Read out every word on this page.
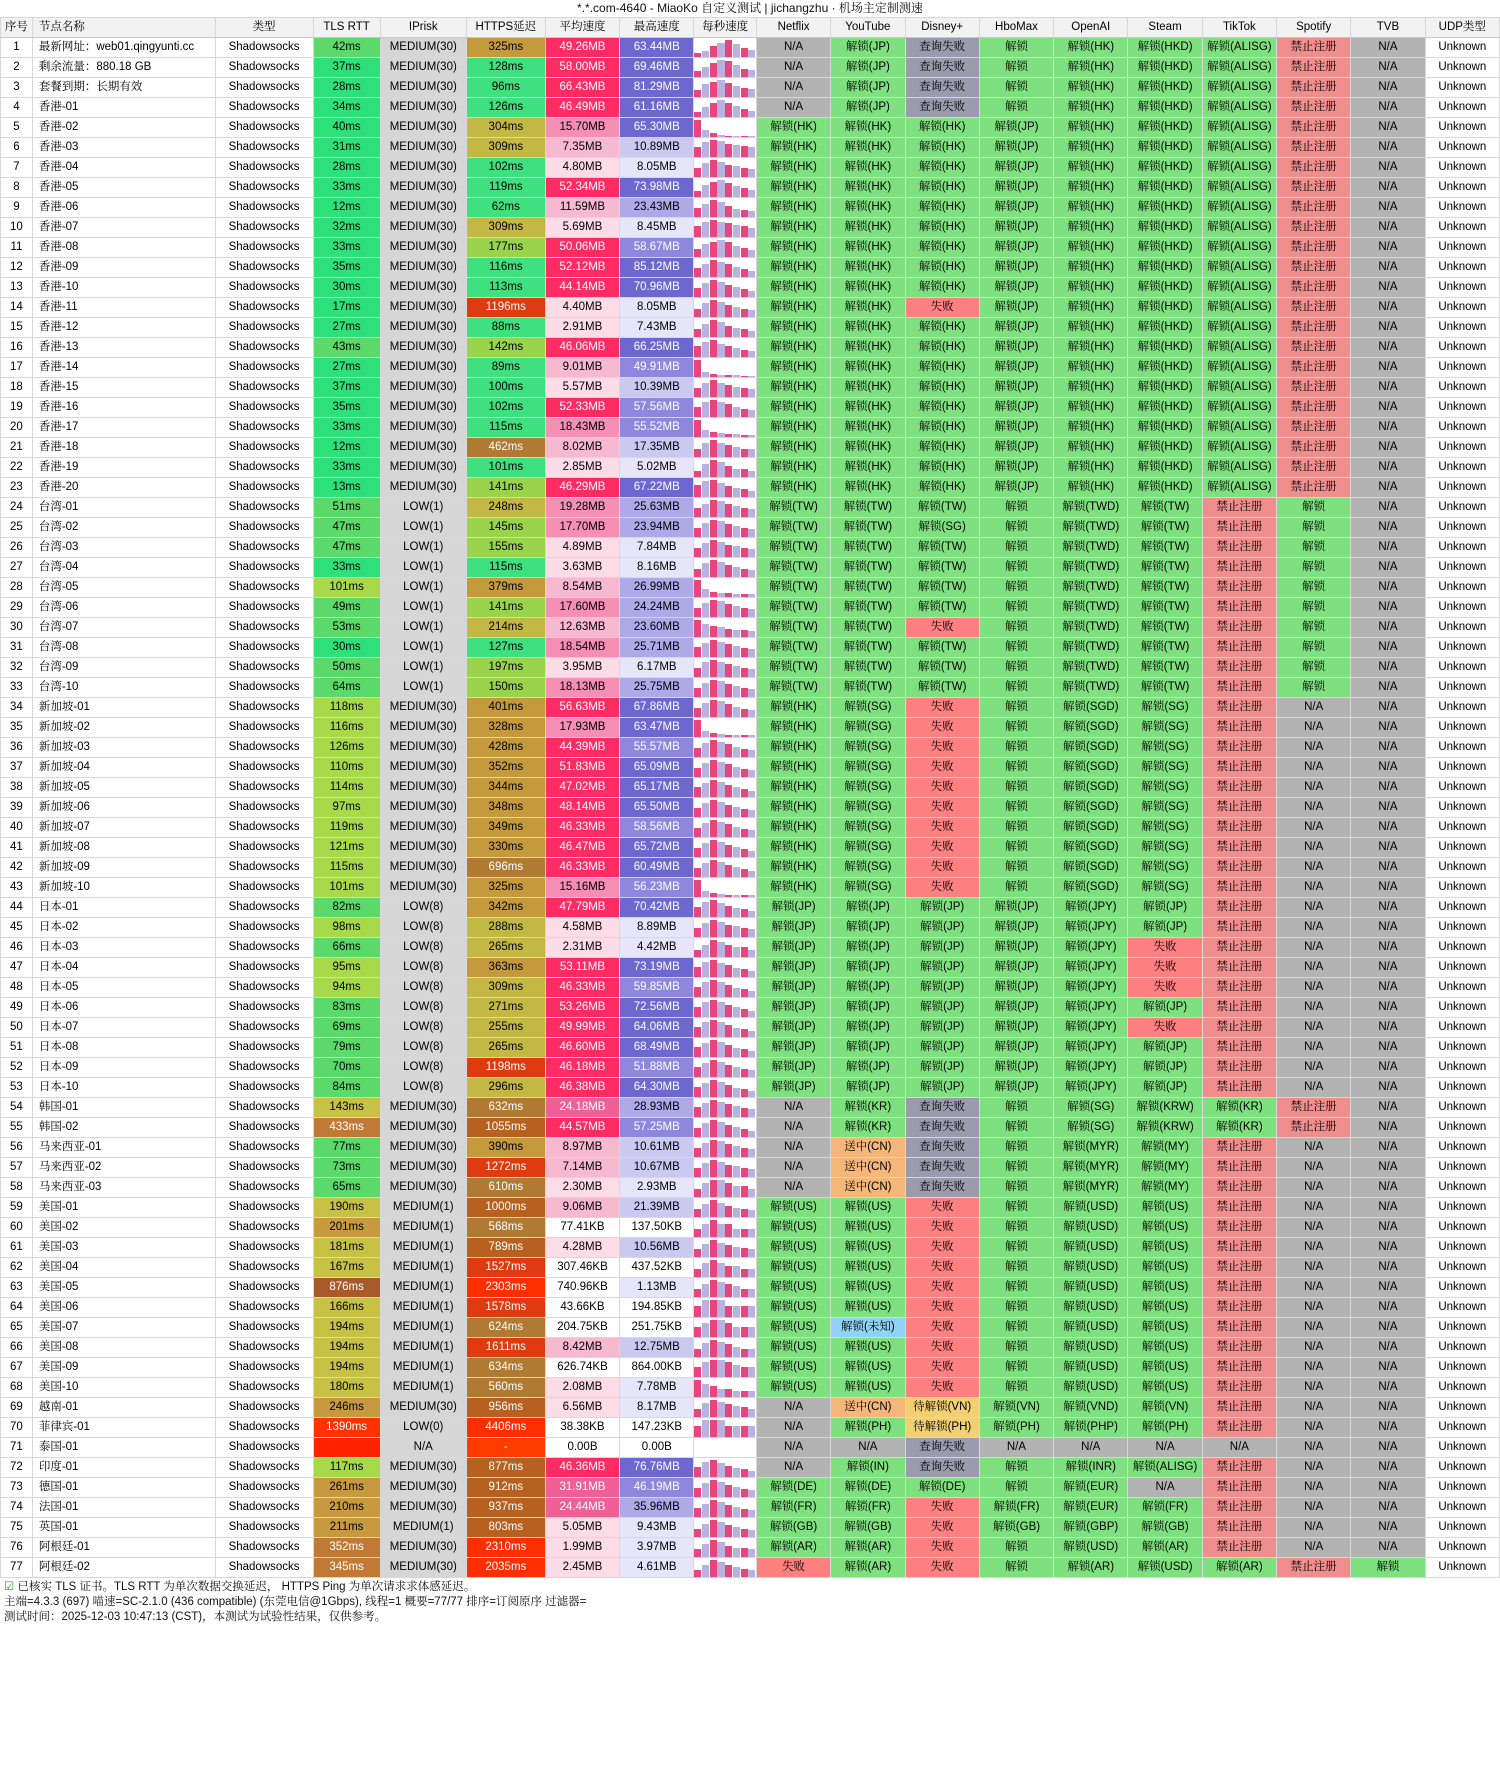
*.*.com-4640 - MiaoKo 自定义测试 | jichangzhu · 机场主定制测速
序号	节点名称	类型	TLS RTT	IPrisk	HTTPS延迟	平均速度	最高速度	每秒速度	Netflix	YouTube	Disney+	HboMax	OpenAI	Steam	TikTok	Spotify	TVB	UDP类型
1	最新网址：web01.qingyunti.cc	Shadowsocks	42ms	MEDIUM(30)	325ms	49.26MB	63.44MB		N/A	解锁(JP)	查询失败	解锁	解锁(HK)	解锁(HKD)	解锁(ALISG)	禁止注册	N/A	Unknown
2	剩余流量：880.18 GB	Shadowsocks	37ms	MEDIUM(30)	128ms	58.00MB	69.46MB		N/A	解锁(JP)	查询失败	解锁	解锁(HK)	解锁(HKD)	解锁(ALISG)	禁止注册	N/A	Unknown
3	套餐到期：长期有效	Shadowsocks	28ms	MEDIUM(30)	96ms	66.43MB	81.29MB		N/A	解锁(JP)	查询失败	解锁	解锁(HK)	解锁(HKD)	解锁(ALISG)	禁止注册	N/A	Unknown
4	香港-01	Shadowsocks	34ms	MEDIUM(30)	126ms	46.49MB	61.16MB		N/A	解锁(JP)	查询失败	解锁	解锁(HK)	解锁(HKD)	解锁(ALISG)	禁止注册	N/A	Unknown
5	香港-02	Shadowsocks	40ms	MEDIUM(30)	304ms	15.70MB	65.30MB		解锁(HK)	解锁(HK)	解锁(HK)	解锁(JP)	解锁(HK)	解锁(HKD)	解锁(ALISG)	禁止注册	N/A	Unknown
6	香港-03	Shadowsocks	31ms	MEDIUM(30)	309ms	7.35MB	10.89MB		解锁(HK)	解锁(HK)	解锁(HK)	解锁(JP)	解锁(HK)	解锁(HKD)	解锁(ALISG)	禁止注册	N/A	Unknown
7	香港-04	Shadowsocks	28ms	MEDIUM(30)	102ms	4.80MB	8.05MB		解锁(HK)	解锁(HK)	解锁(HK)	解锁(JP)	解锁(HK)	解锁(HKD)	解锁(ALISG)	禁止注册	N/A	Unknown
8	香港-05	Shadowsocks	33ms	MEDIUM(30)	119ms	52.34MB	73.98MB		解锁(HK)	解锁(HK)	解锁(HK)	解锁(JP)	解锁(HK)	解锁(HKD)	解锁(ALISG)	禁止注册	N/A	Unknown
9	香港-06	Shadowsocks	12ms	MEDIUM(30)	62ms	11.59MB	23.43MB		解锁(HK)	解锁(HK)	解锁(HK)	解锁(JP)	解锁(HK)	解锁(HKD)	解锁(ALISG)	禁止注册	N/A	Unknown
10	香港-07	Shadowsocks	32ms	MEDIUM(30)	309ms	5.69MB	8.45MB		解锁(HK)	解锁(HK)	解锁(HK)	解锁(JP)	解锁(HK)	解锁(HKD)	解锁(ALISG)	禁止注册	N/A	Unknown
11	香港-08	Shadowsocks	33ms	MEDIUM(30)	177ms	50.06MB	58.67MB		解锁(HK)	解锁(HK)	解锁(HK)	解锁(JP)	解锁(HK)	解锁(HKD)	解锁(ALISG)	禁止注册	N/A	Unknown
12	香港-09	Shadowsocks	35ms	MEDIUM(30)	116ms	52.12MB	85.12MB		解锁(HK)	解锁(HK)	解锁(HK)	解锁(JP)	解锁(HK)	解锁(HKD)	解锁(ALISG)	禁止注册	N/A	Unknown
13	香港-10	Shadowsocks	30ms	MEDIUM(30)	113ms	44.14MB	70.96MB		解锁(HK)	解锁(HK)	解锁(HK)	解锁(JP)	解锁(HK)	解锁(HKD)	解锁(ALISG)	禁止注册	N/A	Unknown
14	香港-11	Shadowsocks	17ms	MEDIUM(30)	1196ms	4.40MB	8.05MB		解锁(HK)	解锁(HK)	失败	解锁(JP)	解锁(HK)	解锁(HKD)	解锁(ALISG)	禁止注册	N/A	Unknown
15	香港-12	Shadowsocks	27ms	MEDIUM(30)	88ms	2.91MB	7.43MB		解锁(HK)	解锁(HK)	解锁(HK)	解锁(JP)	解锁(HK)	解锁(HKD)	解锁(ALISG)	禁止注册	N/A	Unknown
16	香港-13	Shadowsocks	43ms	MEDIUM(30)	142ms	46.06MB	66.25MB		解锁(HK)	解锁(HK)	解锁(HK)	解锁(JP)	解锁(HK)	解锁(HKD)	解锁(ALISG)	禁止注册	N/A	Unknown
17	香港-14	Shadowsocks	27ms	MEDIUM(30)	89ms	9.01MB	49.91MB		解锁(HK)	解锁(HK)	解锁(HK)	解锁(JP)	解锁(HK)	解锁(HKD)	解锁(ALISG)	禁止注册	N/A	Unknown
18	香港-15	Shadowsocks	37ms	MEDIUM(30)	100ms	5.57MB	10.39MB		解锁(HK)	解锁(HK)	解锁(HK)	解锁(JP)	解锁(HK)	解锁(HKD)	解锁(ALISG)	禁止注册	N/A	Unknown
19	香港-16	Shadowsocks	35ms	MEDIUM(30)	102ms	52.33MB	57.56MB		解锁(HK)	解锁(HK)	解锁(HK)	解锁(JP)	解锁(HK)	解锁(HKD)	解锁(ALISG)	禁止注册	N/A	Unknown
20	香港-17	Shadowsocks	33ms	MEDIUM(30)	115ms	18.43MB	55.52MB		解锁(HK)	解锁(HK)	解锁(HK)	解锁(JP)	解锁(HK)	解锁(HKD)	解锁(ALISG)	禁止注册	N/A	Unknown
21	香港-18	Shadowsocks	12ms	MEDIUM(30)	462ms	8.02MB	17.35MB		解锁(HK)	解锁(HK)	解锁(HK)	解锁(JP)	解锁(HK)	解锁(HKD)	解锁(ALISG)	禁止注册	N/A	Unknown
22	香港-19	Shadowsocks	33ms	MEDIUM(30)	101ms	2.85MB	5.02MB		解锁(HK)	解锁(HK)	解锁(HK)	解锁(JP)	解锁(HK)	解锁(HKD)	解锁(ALISG)	禁止注册	N/A	Unknown
23	香港-20	Shadowsocks	13ms	MEDIUM(30)	141ms	46.29MB	67.22MB		解锁(HK)	解锁(HK)	解锁(HK)	解锁(JP)	解锁(HK)	解锁(HKD)	解锁(ALISG)	禁止注册	N/A	Unknown
24	台湾-01	Shadowsocks	51ms	LOW(1)	248ms	19.28MB	25.63MB		解锁(TW)	解锁(TW)	解锁(TW)	解锁	解锁(TWD)	解锁(TW)	禁止注册	解锁	N/A	Unknown
25	台湾-02	Shadowsocks	47ms	LOW(1)	145ms	17.70MB	23.94MB		解锁(TW)	解锁(TW)	解锁(SG)	解锁	解锁(TWD)	解锁(TW)	禁止注册	解锁	N/A	Unknown
26	台湾-03	Shadowsocks	47ms	LOW(1)	155ms	4.89MB	7.84MB		解锁(TW)	解锁(TW)	解锁(TW)	解锁	解锁(TWD)	解锁(TW)	禁止注册	解锁	N/A	Unknown
27	台湾-04	Shadowsocks	33ms	LOW(1)	115ms	3.63MB	8.16MB		解锁(TW)	解锁(TW)	解锁(TW)	解锁	解锁(TWD)	解锁(TW)	禁止注册	解锁	N/A	Unknown
28	台湾-05	Shadowsocks	101ms	LOW(1)	379ms	8.54MB	26.99MB		解锁(TW)	解锁(TW)	解锁(TW)	解锁	解锁(TWD)	解锁(TW)	禁止注册	解锁	N/A	Unknown
29	台湾-06	Shadowsocks	49ms	LOW(1)	141ms	17.60MB	24.24MB		解锁(TW)	解锁(TW)	解锁(TW)	解锁	解锁(TWD)	解锁(TW)	禁止注册	解锁	N/A	Unknown
30	台湾-07	Shadowsocks	53ms	LOW(1)	214ms	12.63MB	23.60MB		解锁(TW)	解锁(TW)	失败	解锁	解锁(TWD)	解锁(TW)	禁止注册	解锁	N/A	Unknown
31	台湾-08	Shadowsocks	30ms	LOW(1)	127ms	18.54MB	25.71MB		解锁(TW)	解锁(TW)	解锁(TW)	解锁	解锁(TWD)	解锁(TW)	禁止注册	解锁	N/A	Unknown
32	台湾-09	Shadowsocks	50ms	LOW(1)	197ms	3.95MB	6.17MB		解锁(TW)	解锁(TW)	解锁(TW)	解锁	解锁(TWD)	解锁(TW)	禁止注册	解锁	N/A	Unknown
33	台湾-10	Shadowsocks	64ms	LOW(1)	150ms	18.13MB	25.75MB		解锁(TW)	解锁(TW)	解锁(TW)	解锁	解锁(TWD)	解锁(TW)	禁止注册	解锁	N/A	Unknown
34	新加坡-01	Shadowsocks	118ms	MEDIUM(30)	401ms	56.63MB	67.86MB		解锁(HK)	解锁(SG)	失败	解锁	解锁(SGD)	解锁(SG)	禁止注册	N/A	N/A	Unknown
35	新加坡-02	Shadowsocks	116ms	MEDIUM(30)	328ms	17.93MB	63.47MB		解锁(HK)	解锁(SG)	失败	解锁	解锁(SGD)	解锁(SG)	禁止注册	N/A	N/A	Unknown
36	新加坡-03	Shadowsocks	126ms	MEDIUM(30)	428ms	44.39MB	55.57MB		解锁(HK)	解锁(SG)	失败	解锁	解锁(SGD)	解锁(SG)	禁止注册	N/A	N/A	Unknown
37	新加坡-04	Shadowsocks	110ms	MEDIUM(30)	352ms	51.83MB	65.09MB		解锁(HK)	解锁(SG)	失败	解锁	解锁(SGD)	解锁(SG)	禁止注册	N/A	N/A	Unknown
38	新加坡-05	Shadowsocks	114ms	MEDIUM(30)	344ms	47.02MB	65.17MB		解锁(HK)	解锁(SG)	失败	解锁	解锁(SGD)	解锁(SG)	禁止注册	N/A	N/A	Unknown
39	新加坡-06	Shadowsocks	97ms	MEDIUM(30)	348ms	48.14MB	65.50MB		解锁(HK)	解锁(SG)	失败	解锁	解锁(SGD)	解锁(SG)	禁止注册	N/A	N/A	Unknown
40	新加坡-07	Shadowsocks	119ms	MEDIUM(30)	349ms	46.33MB	58.56MB		解锁(HK)	解锁(SG)	失败	解锁	解锁(SGD)	解锁(SG)	禁止注册	N/A	N/A	Unknown
41	新加坡-08	Shadowsocks	121ms	MEDIUM(30)	330ms	46.47MB	65.72MB		解锁(HK)	解锁(SG)	失败	解锁	解锁(SGD)	解锁(SG)	禁止注册	N/A	N/A	Unknown
42	新加坡-09	Shadowsocks	115ms	MEDIUM(30)	696ms	46.33MB	60.49MB		解锁(HK)	解锁(SG)	失败	解锁	解锁(SGD)	解锁(SG)	禁止注册	N/A	N/A	Unknown
43	新加坡-10	Shadowsocks	101ms	MEDIUM(30)	325ms	15.16MB	56.23MB		解锁(HK)	解锁(SG)	失败	解锁	解锁(SGD)	解锁(SG)	禁止注册	N/A	N/A	Unknown
44	日本-01	Shadowsocks	82ms	LOW(8)	342ms	47.79MB	70.42MB		解锁(JP)	解锁(JP)	解锁(JP)	解锁(JP)	解锁(JPY)	解锁(JP)	禁止注册	N/A	N/A	Unknown
45	日本-02	Shadowsocks	98ms	LOW(8)	288ms	4.58MB	8.89MB		解锁(JP)	解锁(JP)	解锁(JP)	解锁(JP)	解锁(JPY)	解锁(JP)	禁止注册	N/A	N/A	Unknown
46	日本-03	Shadowsocks	66ms	LOW(8)	265ms	2.31MB	4.42MB		解锁(JP)	解锁(JP)	解锁(JP)	解锁(JP)	解锁(JPY)	失败	禁止注册	N/A	N/A	Unknown
47	日本-04	Shadowsocks	95ms	LOW(8)	363ms	53.11MB	73.19MB		解锁(JP)	解锁(JP)	解锁(JP)	解锁(JP)	解锁(JPY)	失败	禁止注册	N/A	N/A	Unknown
48	日本-05	Shadowsocks	94ms	LOW(8)	309ms	46.33MB	59.85MB		解锁(JP)	解锁(JP)	解锁(JP)	解锁(JP)	解锁(JPY)	失败	禁止注册	N/A	N/A	Unknown
49	日本-06	Shadowsocks	83ms	LOW(8)	271ms	53.26MB	72.56MB		解锁(JP)	解锁(JP)	解锁(JP)	解锁(JP)	解锁(JPY)	解锁(JP)	禁止注册	N/A	N/A	Unknown
50	日本-07	Shadowsocks	69ms	LOW(8)	255ms	49.99MB	64.06MB		解锁(JP)	解锁(JP)	解锁(JP)	解锁(JP)	解锁(JPY)	失败	禁止注册	N/A	N/A	Unknown
51	日本-08	Shadowsocks	79ms	LOW(8)	265ms	46.60MB	68.49MB		解锁(JP)	解锁(JP)	解锁(JP)	解锁(JP)	解锁(JPY)	解锁(JP)	禁止注册	N/A	N/A	Unknown
52	日本-09	Shadowsocks	70ms	LOW(8)	1198ms	46.18MB	51.88MB		解锁(JP)	解锁(JP)	解锁(JP)	解锁(JP)	解锁(JPY)	解锁(JP)	禁止注册	N/A	N/A	Unknown
53	日本-10	Shadowsocks	84ms	LOW(8)	296ms	46.38MB	64.30MB		解锁(JP)	解锁(JP)	解锁(JP)	解锁(JP)	解锁(JPY)	解锁(JP)	禁止注册	N/A	N/A	Unknown
54	韩国-01	Shadowsocks	143ms	MEDIUM(30)	632ms	24.18MB	28.93MB		N/A	解锁(KR)	查询失败	解锁	解锁(SG)	解锁(KRW)	解锁(KR)	禁止注册	N/A	Unknown
55	韩国-02	Shadowsocks	433ms	MEDIUM(30)	1055ms	44.57MB	57.25MB		N/A	解锁(KR)	查询失败	解锁	解锁(SG)	解锁(KRW)	解锁(KR)	禁止注册	N/A	Unknown
56	马来西亚-01	Shadowsocks	77ms	MEDIUM(30)	390ms	8.97MB	10.61MB		N/A	送中(CN)	查询失败	解锁	解锁(MYR)	解锁(MY)	禁止注册	N/A	N/A	Unknown
57	马来西亚-02	Shadowsocks	73ms	MEDIUM(30)	1272ms	7.14MB	10.67MB		N/A	送中(CN)	查询失败	解锁	解锁(MYR)	解锁(MY)	禁止注册	N/A	N/A	Unknown
58	马来西亚-03	Shadowsocks	65ms	MEDIUM(30)	610ms	2.30MB	2.93MB		N/A	送中(CN)	查询失败	解锁	解锁(MYR)	解锁(MY)	禁止注册	N/A	N/A	Unknown
59	美国-01	Shadowsocks	190ms	MEDIUM(1)	1000ms	9.06MB	21.39MB		解锁(US)	解锁(US)	失败	解锁	解锁(USD)	解锁(US)	禁止注册	N/A	N/A	Unknown
60	美国-02	Shadowsocks	201ms	MEDIUM(1)	568ms	77.41KB	137.50KB		解锁(US)	解锁(US)	失败	解锁	解锁(USD)	解锁(US)	禁止注册	N/A	N/A	Unknown
61	美国-03	Shadowsocks	181ms	MEDIUM(1)	789ms	4.28MB	10.56MB		解锁(US)	解锁(US)	失败	解锁	解锁(USD)	解锁(US)	禁止注册	N/A	N/A	Unknown
62	美国-04	Shadowsocks	167ms	MEDIUM(1)	1527ms	307.46KB	437.52KB		解锁(US)	解锁(US)	失败	解锁	解锁(USD)	解锁(US)	禁止注册	N/A	N/A	Unknown
63	美国-05	Shadowsocks	876ms	MEDIUM(1)	2303ms	740.96KB	1.13MB		解锁(US)	解锁(US)	失败	解锁	解锁(USD)	解锁(US)	禁止注册	N/A	N/A	Unknown
64	美国-06	Shadowsocks	166ms	MEDIUM(1)	1578ms	43.66KB	194.85KB		解锁(US)	解锁(US)	失败	解锁	解锁(USD)	解锁(US)	禁止注册	N/A	N/A	Unknown
65	美国-07	Shadowsocks	194ms	MEDIUM(1)	624ms	204.75KB	251.75KB		解锁(US)	解锁(未知)	失败	解锁	解锁(USD)	解锁(US)	禁止注册	N/A	N/A	Unknown
66	美国-08	Shadowsocks	194ms	MEDIUM(1)	1611ms	8.42MB	12.75MB		解锁(US)	解锁(US)	失败	解锁	解锁(USD)	解锁(US)	禁止注册	N/A	N/A	Unknown
67	美国-09	Shadowsocks	194ms	MEDIUM(1)	634ms	626.74KB	864.00KB		解锁(US)	解锁(US)	失败	解锁	解锁(USD)	解锁(US)	禁止注册	N/A	N/A	Unknown
68	美国-10	Shadowsocks	180ms	MEDIUM(1)	560ms	2.08MB	7.78MB		解锁(US)	解锁(US)	失败	解锁	解锁(USD)	解锁(US)	禁止注册	N/A	N/A	Unknown
69	越南-01	Shadowsocks	246ms	MEDIUM(30)	956ms	6.56MB	8.17MB		N/A	送中(CN)	待解锁(VN)	解锁(VN)	解锁(VND)	解锁(VN)	禁止注册	N/A	N/A	Unknown
70	菲律宾-01	Shadowsocks	1390ms	LOW(0)	4406ms	38.38KB	147.23KB		N/A	解锁(PH)	待解锁(PH)	解锁(PH)	解锁(PHP)	解锁(PH)	禁止注册	N/A	N/A	Unknown
71	泰国-01	Shadowsocks		N/A	-	0.00B	0.00B		N/A	N/A	查询失败	N/A	N/A	N/A	N/A	N/A	N/A	Unknown
72	印度-01	Shadowsocks	117ms	MEDIUM(30)	877ms	46.36MB	76.76MB		N/A	解锁(IN)	查询失败	解锁	解锁(INR)	解锁(ALISG)	禁止注册	N/A	N/A	Unknown
73	德国-01	Shadowsocks	261ms	MEDIUM(30)	912ms	31.91MB	46.19MB		解锁(DE)	解锁(DE)	解锁(DE)	解锁	解锁(EUR)	N/A	禁止注册	N/A	N/A	Unknown
74	法国-01	Shadowsocks	210ms	MEDIUM(30)	937ms	24.44MB	35.96MB		解锁(FR)	解锁(FR)	失败	解锁(FR)	解锁(EUR)	解锁(FR)	禁止注册	N/A	N/A	Unknown
75	英国-01	Shadowsocks	211ms	MEDIUM(1)	803ms	5.05MB	9.43MB		解锁(GB)	解锁(GB)	失败	解锁(GB)	解锁(GBP)	解锁(GB)	禁止注册	N/A	N/A	Unknown
76	阿根廷-01	Shadowsocks	352ms	MEDIUM(30)	2310ms	1.99MB	3.97MB		解锁(AR)	解锁(AR)	失败	解锁	解锁(USD)	解锁(AR)	禁止注册	N/A	N/A	Unknown
77	阿根廷-02	Shadowsocks	345ms	MEDIUM(30)	2035ms	2.45MB	4.61MB		失败	解锁(AR)	失败	解锁	解锁(AR)	解锁(USD)	解锁(AR)	禁止注册	解锁	Unknown
☑ 已核实 TLS 证书。TLS RTT 为单次数据交换延迟， HTTPS Ping 为单次请求求体感延迟。
主端=4.3.3 (697) 喵速=SC-2.1.0 (436 compatible) (东莞电信@1Gbps), 线程=1 概要=77/77 排序=订阅原序 过滤器=
测试时间：2025-12-03 10:47:13 (CST)，本测试为试验性结果，仅供参考。
